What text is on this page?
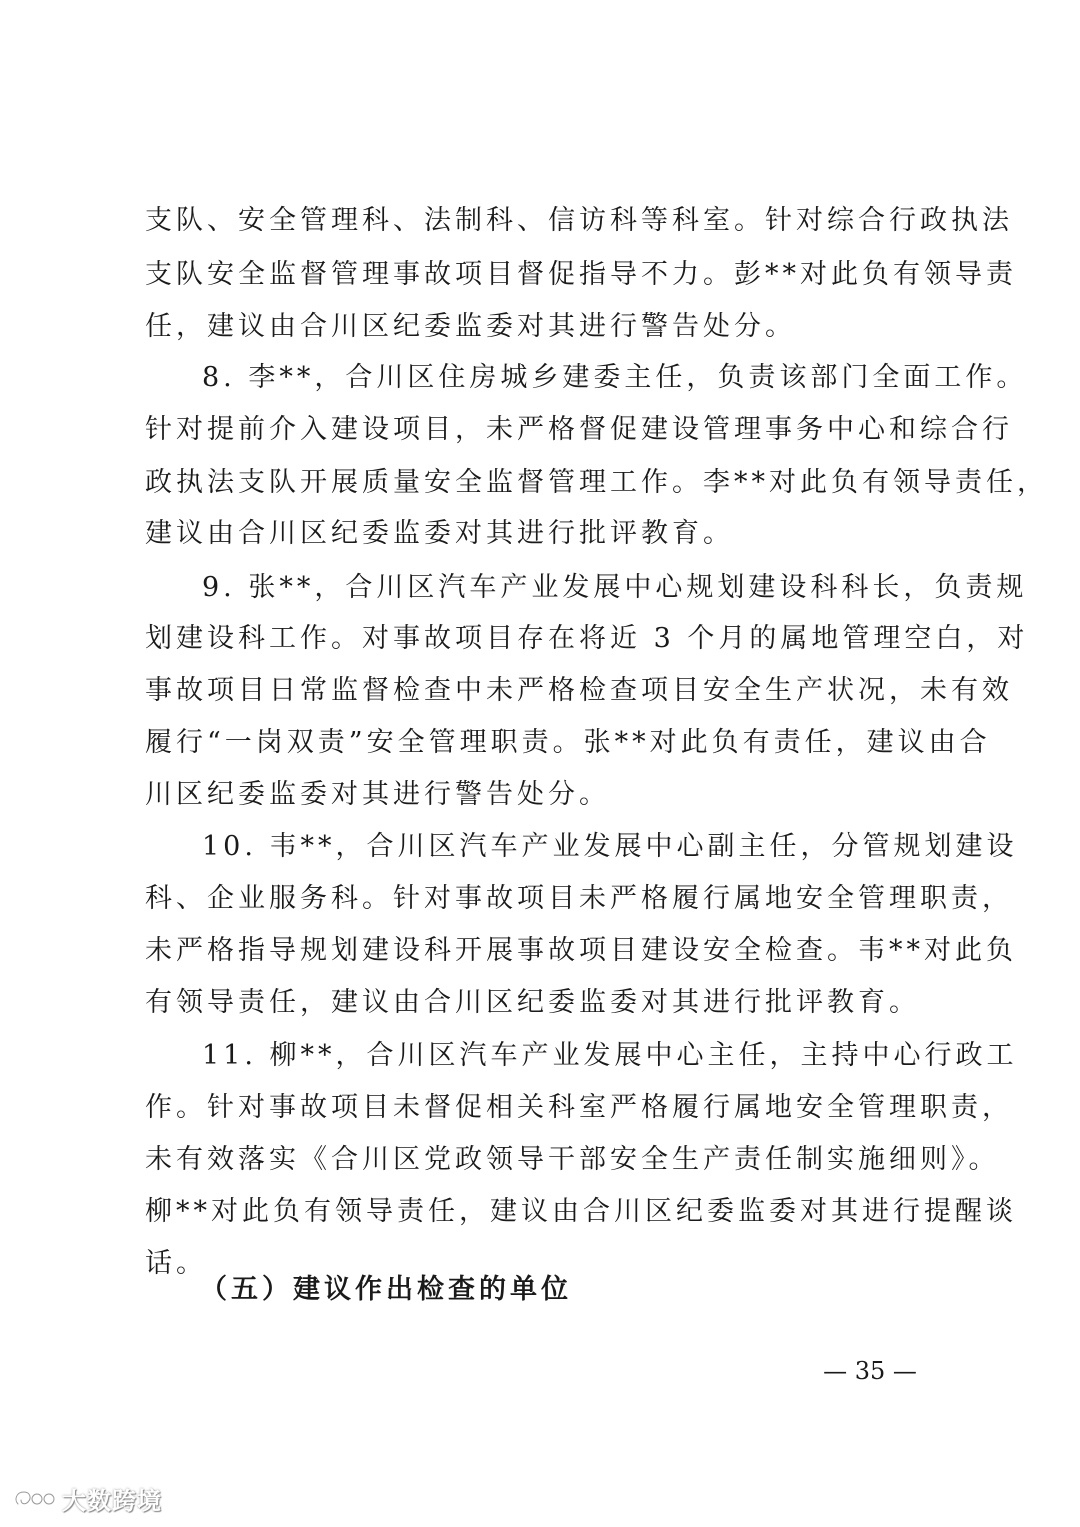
支队、安全管理科、法制科、信访科等科室。针对综合行政执法
支队安全监督管理事故项目督促指导不力。彭**对此负有领导责
任，建议由合川区纪委监委对其进行警告处分。
8. 李**，合川区住房城乡建委主任，负责该部门全面工作。
针对提前介入建设项目，未严格督促建设管理事务中心和综合行
政执法支队开展质量安全监督管理工作。李**对此负有领导责任，
建议由合川区纪委监委对其进行批评教育。
9. 张**，合川区汽车产业发展中心规划建设科科长，负责规
划建设科工作。对事故项目存在将近 3 个月的属地管理空白，对
事故项目日常监督检查中未严格检查项目安全生产状况，未有效
履行“一岗双责”安全管理职责。张**对此负有责任，建议由合
川区纪委监委对其进行警告处分。
10. 韦**，合川区汽车产业发展中心副主任，分管规划建设
科、企业服务科。针对事故项目未严格履行属地安全管理职责，
未严格指导规划建设科开展事故项目建设安全检查。韦**对此负
有领导责任，建议由合川区纪委监委对其进行批评教育。
11. 柳**，合川区汽车产业发展中心主任，主持中心行政工
作。针对事故项目未督促相关科室严格履行属地安全管理职责，
未有效落实《合川区党政领导干部安全生产责任制实施细则》。
柳**对此负有领导责任，建议由合川区纪委监委对其进行提醒谈
话。
（五）建议作出检查的单位
— 35 —
大数跨境
